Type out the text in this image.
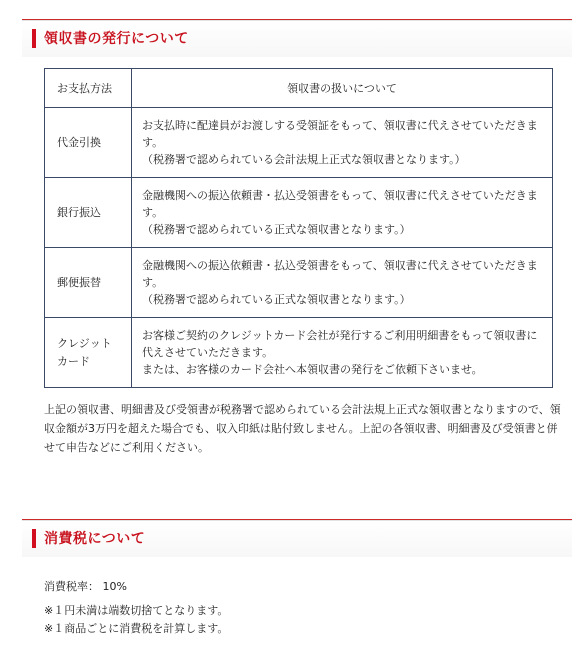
領収書の発行について
お支払方法	領収書の扱いについて
代金引換	お支払時に配達員がお渡しする受領証をもって、領収書に代えさせていただきます。
（税務署で認められている会計法規上正式な領収書となります。）

銀行振込	金融機関への振込依頼書・払込受領書をもって、領収書に代えさせていただきます。
（税務署で認められている正式な領収書となります。）

郵便振替	金融機関への振込依頼書・払込受領書をもって、領収書に代えさせていただきます。
（税務署で認められている正式な領収書となります。）

クレジットカード	お客様ご契約のクレジットカード会社が発行するご利用明細書をもって領収書に代えさせていただきます。
または、お客様のカード会社へ本領収書の発行をご依頼下さいませ。
上記の領収書、明細書及び受領書が税務署で認められている会計法規上正式な領収書となりますので、領収金額が3万円を超えた場合でも、収入印紙は貼付致しません。上記の各領収書、明細書及び受領書と併せて申告などにご利用ください。
消費税について
消費税率： 10%
※１円未満は端数切捨てとなります。
※１商品ごとに消費税を計算します。
